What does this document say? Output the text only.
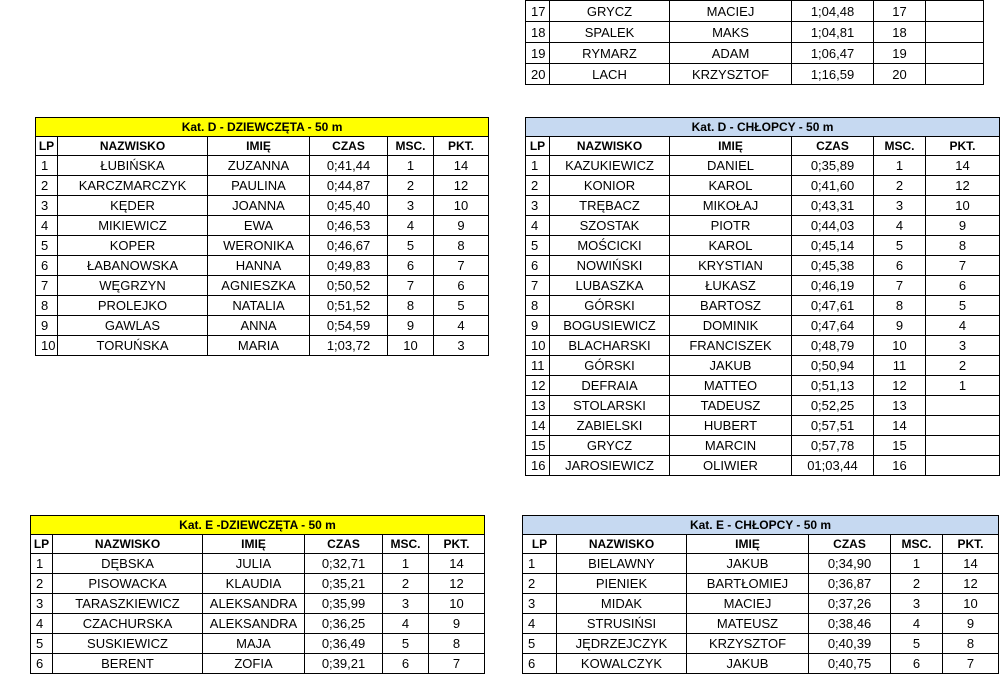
17	GRYCZ	MACIEJ	1;04,48	17	
18	SPALEK	MAKS	1;04,81	18	
19	RYMARZ	ADAM	1;06,47	19	
20	LACH	KRZYSZTOF	1;16,59	20	
Kat. D - DZIEWCZĘTA - 50 m					
LP	NAZWISKO	IMIĘ	CZAS	MSC.	PKT.
1	ŁUBIŃSKA	ZUZANNA	0;41,44	1	14
2	KARCZMARCZYK	PAULINA	0;44,87	2	12
3	KĘDER	JOANNA	0;45,40	3	10
4	MIKIEWICZ	EWA	0;46,53	4	9
5	KOPER	WERONIKA	0;46,67	5	8
6	ŁABANOWSKA	HANNA	0;49,83	6	7
7	WĘGRZYN	AGNIESZKA	0;50,52	7	6
8	PROLEJKO	NATALIA	0;51,52	8	5
9	GAWLAS	ANNA	0;54,59	9	4
10	TORUŃSKA	MARIA	1;03,72	10	3
Kat. D - CHŁOPCY - 50 m					
LP	NAZWISKO	IMIĘ	CZAS	MSC.	PKT.
1	KAZUKIEWICZ	DANIEL	0;35,89	1	14
2	KONIOR	KAROL	0;41,60	2	12
3	TRĘBACZ	MIKOŁAJ	0;43,31	3	10
4	SZOSTAK	PIOTR	0;44,03	4	9
5	MOŚCICKI	KAROL	0;45,14	5	8
6	NOWIŃSKI	KRYSTIAN	0;45,38	6	7
7	LUBASZKA	ŁUKASZ	0;46,19	7	6
8	GÓRSKI	BARTOSZ	0;47,61	8	5
9	BOGUSIEWICZ	DOMINIK	0;47,64	9	4
10	BLACHARSKI	FRANCISZEK	0;48,79	10	3
11	GÓRSKI	JAKUB	0;50,94	11	2
12	DEFRAIA	MATTEO	0;51,13	12	1
13	STOLARSKI	TADEUSZ	0;52,25	13	
14	ZABIELSKI	HUBERT	0;57,51	14	
15	GRYCZ	MARCIN	0;57,78	15	
16	JAROSIEWICZ	OLIWIER	01;03,44	16	
Kat. E -DZIEWCZĘTA - 50 m					
LP	NAZWISKO	IMIĘ	CZAS	MSC.	PKT.
1	DĘBSKA	JULIA	0;32,71	1	14
2	PISOWACKA	KLAUDIA	0;35,21	2	12
3	TARASZKIEWICZ	ALEKSANDRA	0;35,99	3	10
4	CZACHURSKA	ALEKSANDRA	0;36,25	4	9
5	SUSKIEWICZ	MAJA	0;36,49	5	8
6	BERENT	ZOFIA	0;39,21	6	7
Kat. E - CHŁOPCY - 50 m					
LP	NAZWISKO	IMIĘ	CZAS	MSC.	PKT.
1	BIELAWNY	JAKUB	0;34,90	1	14
2	PIENIEK	BARTŁOMIEJ	0;36,87	2	12
3	MIDAK	MACIEJ	0;37,26	3	10
4	STRUSIŃSI	MATEUSZ	0;38,46	4	9
5	JĘDRZEJCZYK	KRZYSZTOF	0;40,39	5	8
6	KOWALCZYK	JAKUB	0;40,75	6	7
